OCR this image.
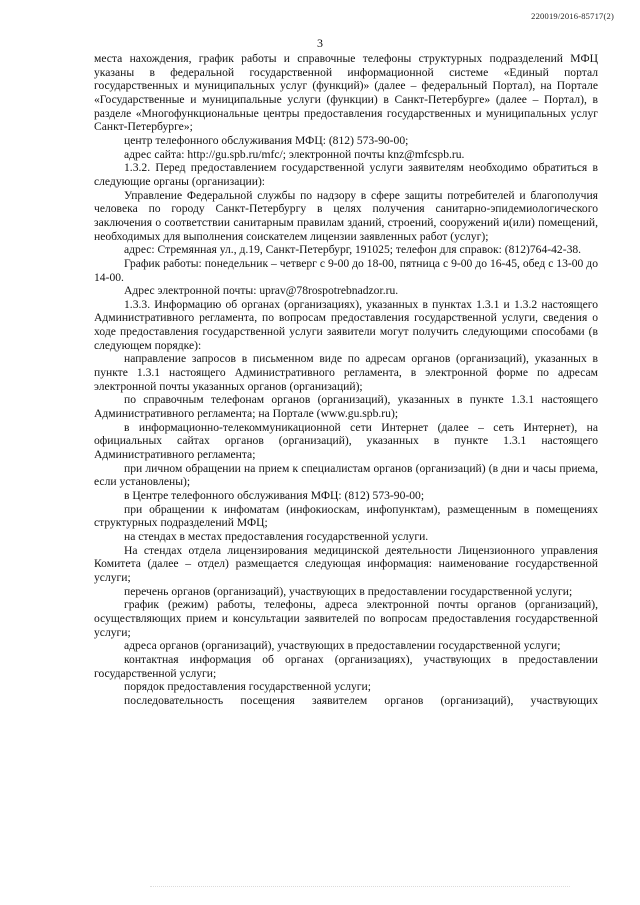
220019/2016-85717(2)
3

места нахождения, график работы и справочные телефоны структурных подразделений МФЦ указаны в федеральной государственной информационной системе «Единый портал государственных и муниципальных услуг (функций)» (далее – федеральный Портал), на Портале «Государственные и муниципальные услуги (функции) в Санкт-Петербурге» (далее – Портал), в разделе «Многофункциональные центры предоставления государственных и муниципальных услуг Санкт-Петербурге»;

центр телефонного обслуживания МФЦ: (812) 573-90-00;

адрес сайта: http://gu.spb.ru/mfc/; электронной почты knz@mfcspb.ru.

1.3.2. Перед предоставлением государственной услуги заявителям необходимо обратиться в следующие органы (организации):

Управление Федеральной службы по надзору в сфере защиты потребителей и благополучия человека по городу Санкт-Петербургу в целях получения санитарно-эпидемиологического заключения о соответствии санитарным правилам зданий, строений, сооружений и(или) помещений, необходимых для выполнения соискателем лицензии заявленных работ (услуг);

адрес: Стремянная ул., д.19, Санкт-Петербург, 191025; телефон для справок: (812)764-42-38.

График работы: понедельник – четверг с 9-00 до 18-00, пятница с 9-00 до 16-45, обед с 13-00 до 14-00.

Адрес электронной почты: uprav@78rospotrebnadzor.ru.

1.3.3. Информацию об органах (организациях), указанных в пунктах 1.3.1 и 1.3.2 настоящего Административного регламента, по вопросам предоставления государственной услуги, сведения о ходе предоставления государственной услуги заявители могут получить следующими способами (в следующем порядке):

направление запросов в письменном виде по адресам органов (организаций), указанных в пункте 1.3.1 настоящего Административного регламента, в электронной форме по адресам электронной почты указанных органов (организаций);

по справочным телефонам органов (организаций), указанных в пункте 1.3.1 настоящего Административного регламента; на Портале (www.gu.spb.ru);

в информационно-телекоммуникационной сети Интернет (далее – сеть Интернет), на официальных сайтах органов (организаций), указанных в пункте 1.3.1 настоящего Административного регламента;

при личном обращении на прием к специалистам органов (организаций) (в дни и часы приема, если установлены);

в Центре телефонного обслуживания МФЦ: (812) 573-90-00;

при обращении к инфоматам (инфокиоскам, инфопунктам), размещенным в помещениях структурных подразделений МФЦ;

на стендах в местах предоставления государственной услуги.

На стендах отдела лицензирования медицинской деятельности Лицензионного управления Комитета (далее – отдел) размещается следующая информация: наименование государственной услуги;

перечень органов (организаций), участвующих в предоставлении государственной услуги;

график (режим) работы, телефоны, адреса электронной почты органов (организаций), осуществляющих прием и консультации заявителей по вопросам предоставления государственной услуги;

адреса органов (организаций), участвующих в предоставлении государственной услуги;

контактная информация об органах (организациях), участвующих в предоставлении государственной услуги;

порядок предоставления государственной услуги;

последовательность посещения заявителем органов (организаций), участвующих
